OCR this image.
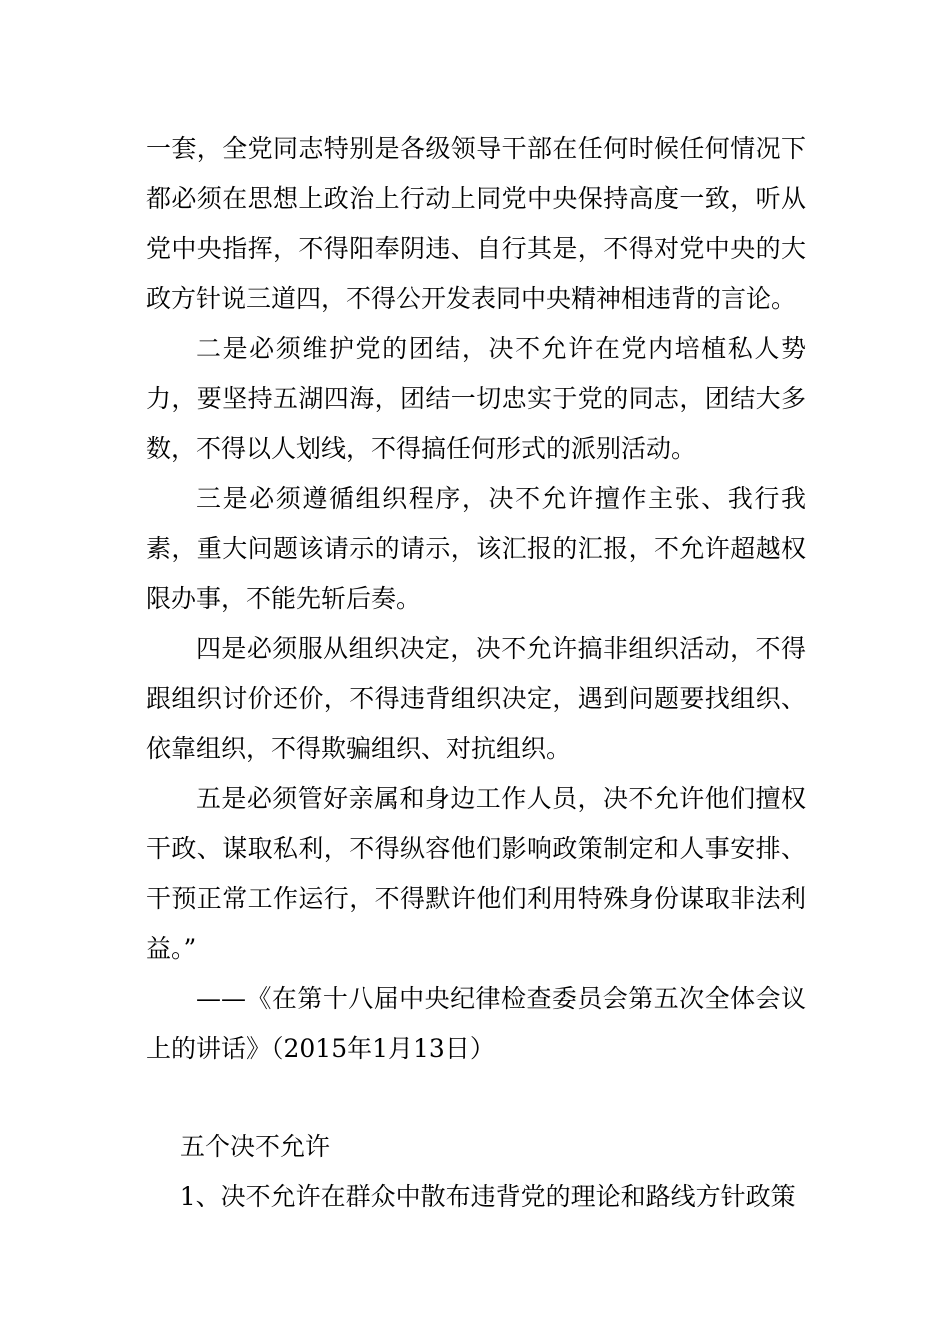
一套，全党同志特别是各级领导干部在任何时候任何情况下都必须在思想上政治上行动上同党中央保持高度一致，听从党中央指挥，不得阳奉阴违、自行其是，不得对党中央的大政方针说三道四，不得公开发表同中央精神相违背的言论。

二是必须维护党的团结，决不允许在党内培植私人势力，要坚持五湖四海，团结一切忠实于党的同志，团结大多数，不得以人划线，不得搞任何形式的派别活动。

三是必须遵循组织程序，决不允许擅作主张、我行我素，重大问题该请示的请示，该汇报的汇报，不允许超越权限办事，不能先斩后奏。

四是必须服从组织决定，决不允许搞非组织活动，不得跟组织讨价还价，不得违背组织决定，遇到问题要找组织、依靠组织，不得欺骗组织、对抗组织。

五是必须管好亲属和身边工作人员，决不允许他们擅权干政、谋取私利，不得纵容他们影响政策制定和人事安排、干预正常工作运行，不得默许他们利用特殊身份谋取非法利益。”

——《在第十八届中央纪律检查委员会第五次全体会议上的讲话》（2015年1月13日）

五个决不允许

1、决不允许在群众中散布违背党的理论和路线方针政策
